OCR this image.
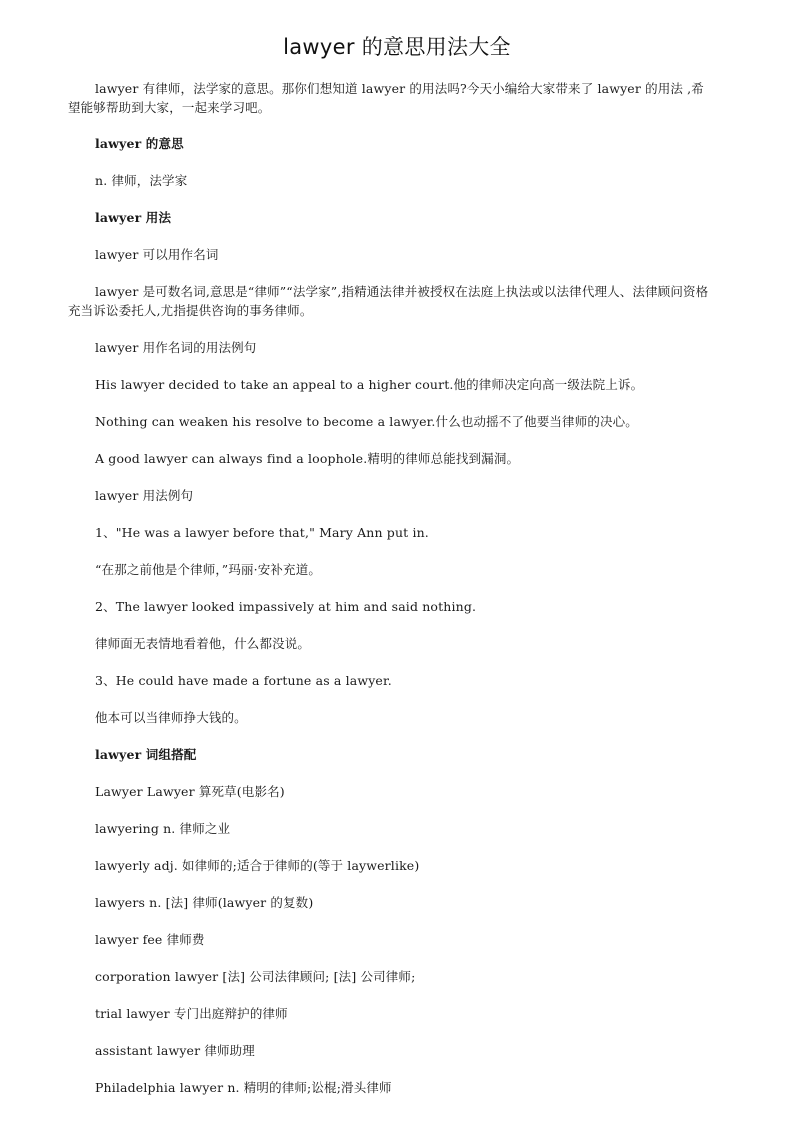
lawyer 的意思用法大全

lawyer 有律师，法学家的意思。那你们想知道 lawyer 的用法吗?今天小编给大家带来了 lawyer 的用法 ,希望能够帮助到大家，一起来学习吧。

lawyer 的意思

n. 律师，法学家

lawyer 用法

lawyer 可以用作名词

lawyer 是可数名词,意思是“律师”“法学家”,指精通法律并被授权在法庭上执法或以法律代理人、法律顾问资格充当诉讼委托人,尤指提供咨询的事务律师。

lawyer 用作名词的用法例句

His lawyer decided to take an appeal to a higher court.他的律师决定向高一级法院上诉。

Nothing can weaken his resolve to become a lawyer.什么也动摇不了他要当律师的决心。

A good lawyer can always find a loophole.精明的律师总能找到漏洞。

lawyer 用法例句

1、"He was a lawyer before that," Mary Ann put in.

“在那之前他是个律师，”玛丽·安补充道。

2、The lawyer looked impassively at him and said nothing.

律师面无表情地看着他，什么都没说。

3、He could have made a fortune as a lawyer.

他本可以当律师挣大钱的。

lawyer 词组搭配

Lawyer Lawyer 算死草(电影名)

lawyering n. 律师之业

lawyerly adj. 如律师的;适合于律师的(等于 laywerlike)

lawyers n. [法] 律师(lawyer 的复数)

lawyer fee 律师费

corporation lawyer [法] 公司法律顾问; [法] 公司律师;

trial lawyer 专门出庭辩护的律师

assistant lawyer 律师助理

Philadelphia lawyer n. 精明的律师;讼棍;滑头律师
